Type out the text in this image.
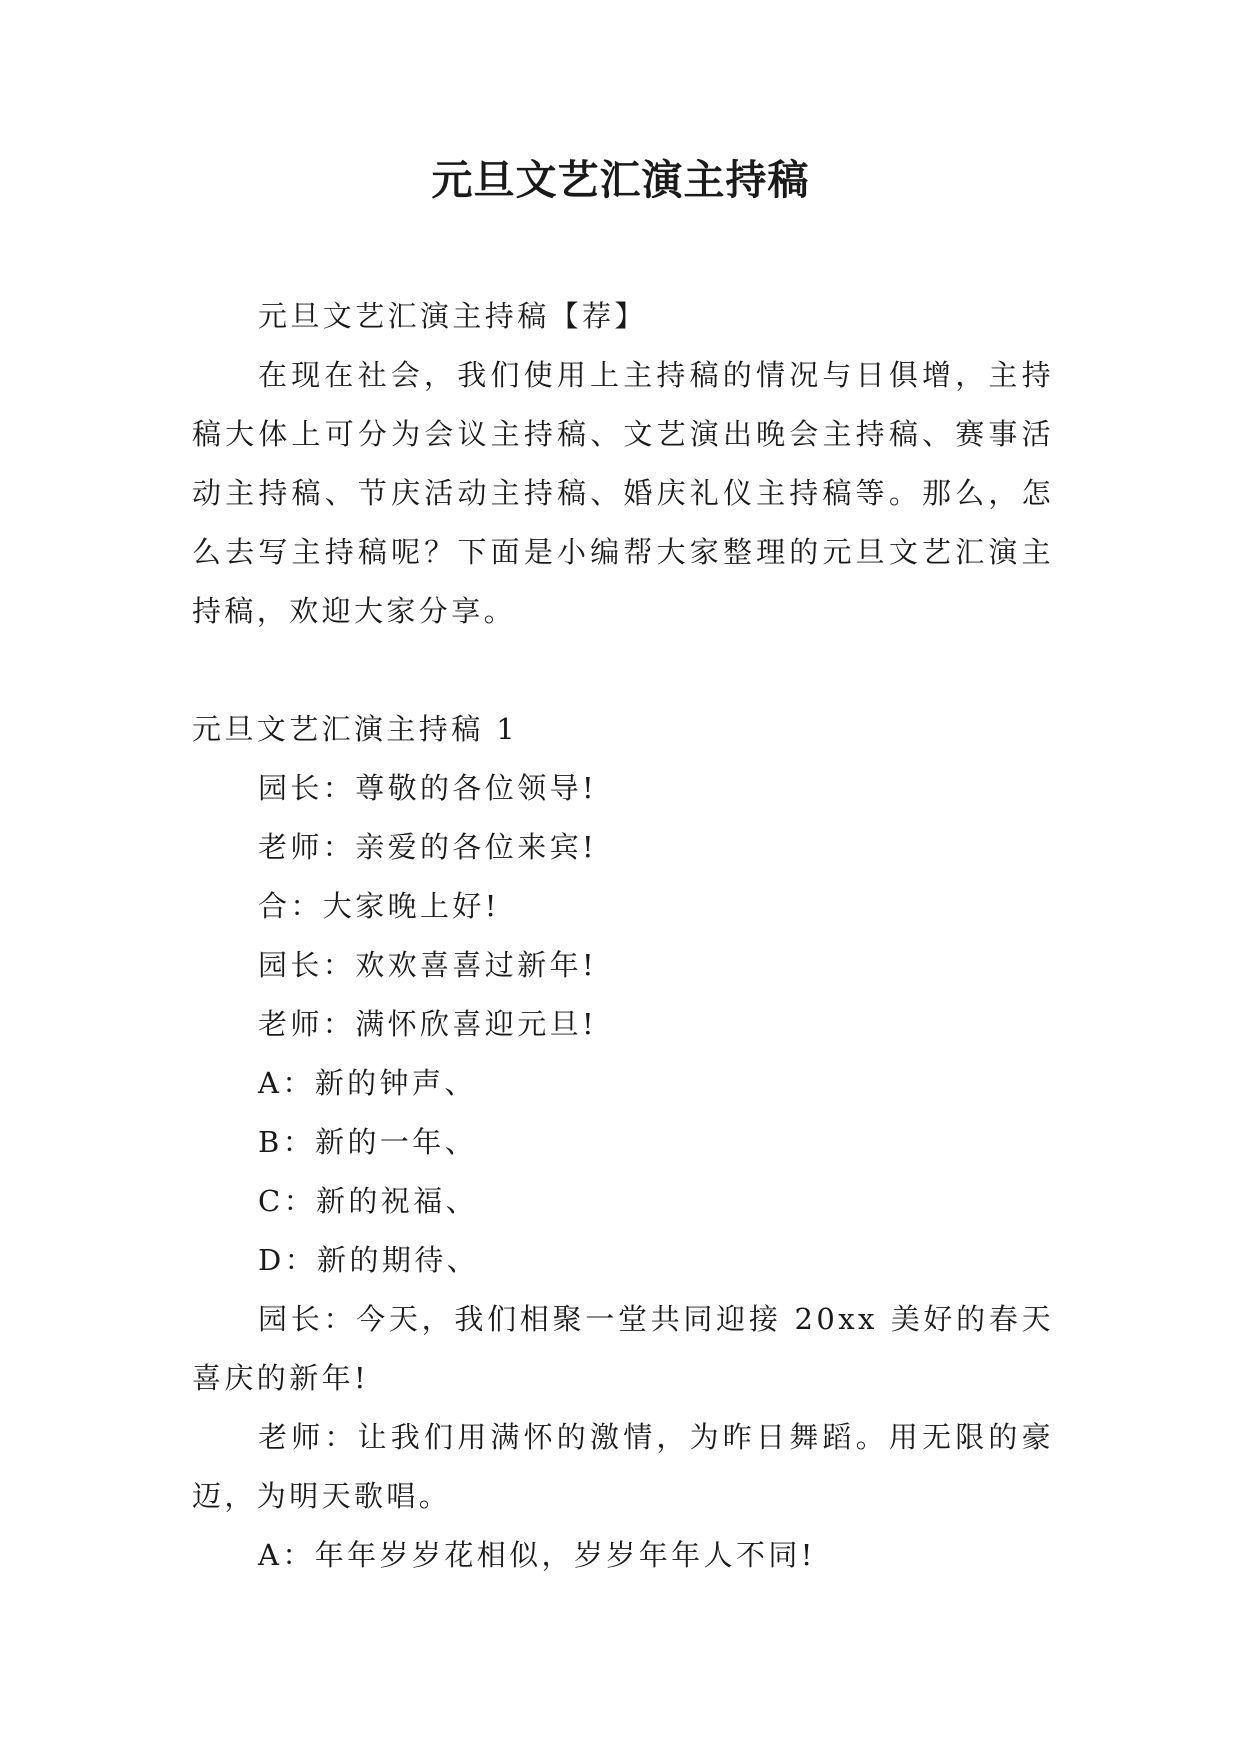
元旦文艺汇演主持稿

元旦文艺汇演主持稿【荐】

在现在社会，我们使用上主持稿的情况与日俱增，主持稿大体上可分为会议主持稿、文艺演出晚会主持稿、赛事活动主持稿、节庆活动主持稿、婚庆礼仪主持稿等。那么，怎么去写主持稿呢？下面是小编帮大家整理的元旦文艺汇演主持稿，欢迎大家分享。

元旦文艺汇演主持稿 1

园长：尊敬的各位领导!

老师：亲爱的各位来宾!

合：大家晚上好!

园长：欢欢喜喜过新年!

老师：满怀欣喜迎元旦!

A：新的钟声、

B：新的一年、

C：新的祝福、

D：新的期待、

园长：今天，我们相聚一堂共同迎接 20xx 美好的春天喜庆的新年!

老师：让我们用满怀的激情，为昨日舞蹈。用无限的豪迈，为明天歌唱。

A：年年岁岁花相似，岁岁年年人不同!
